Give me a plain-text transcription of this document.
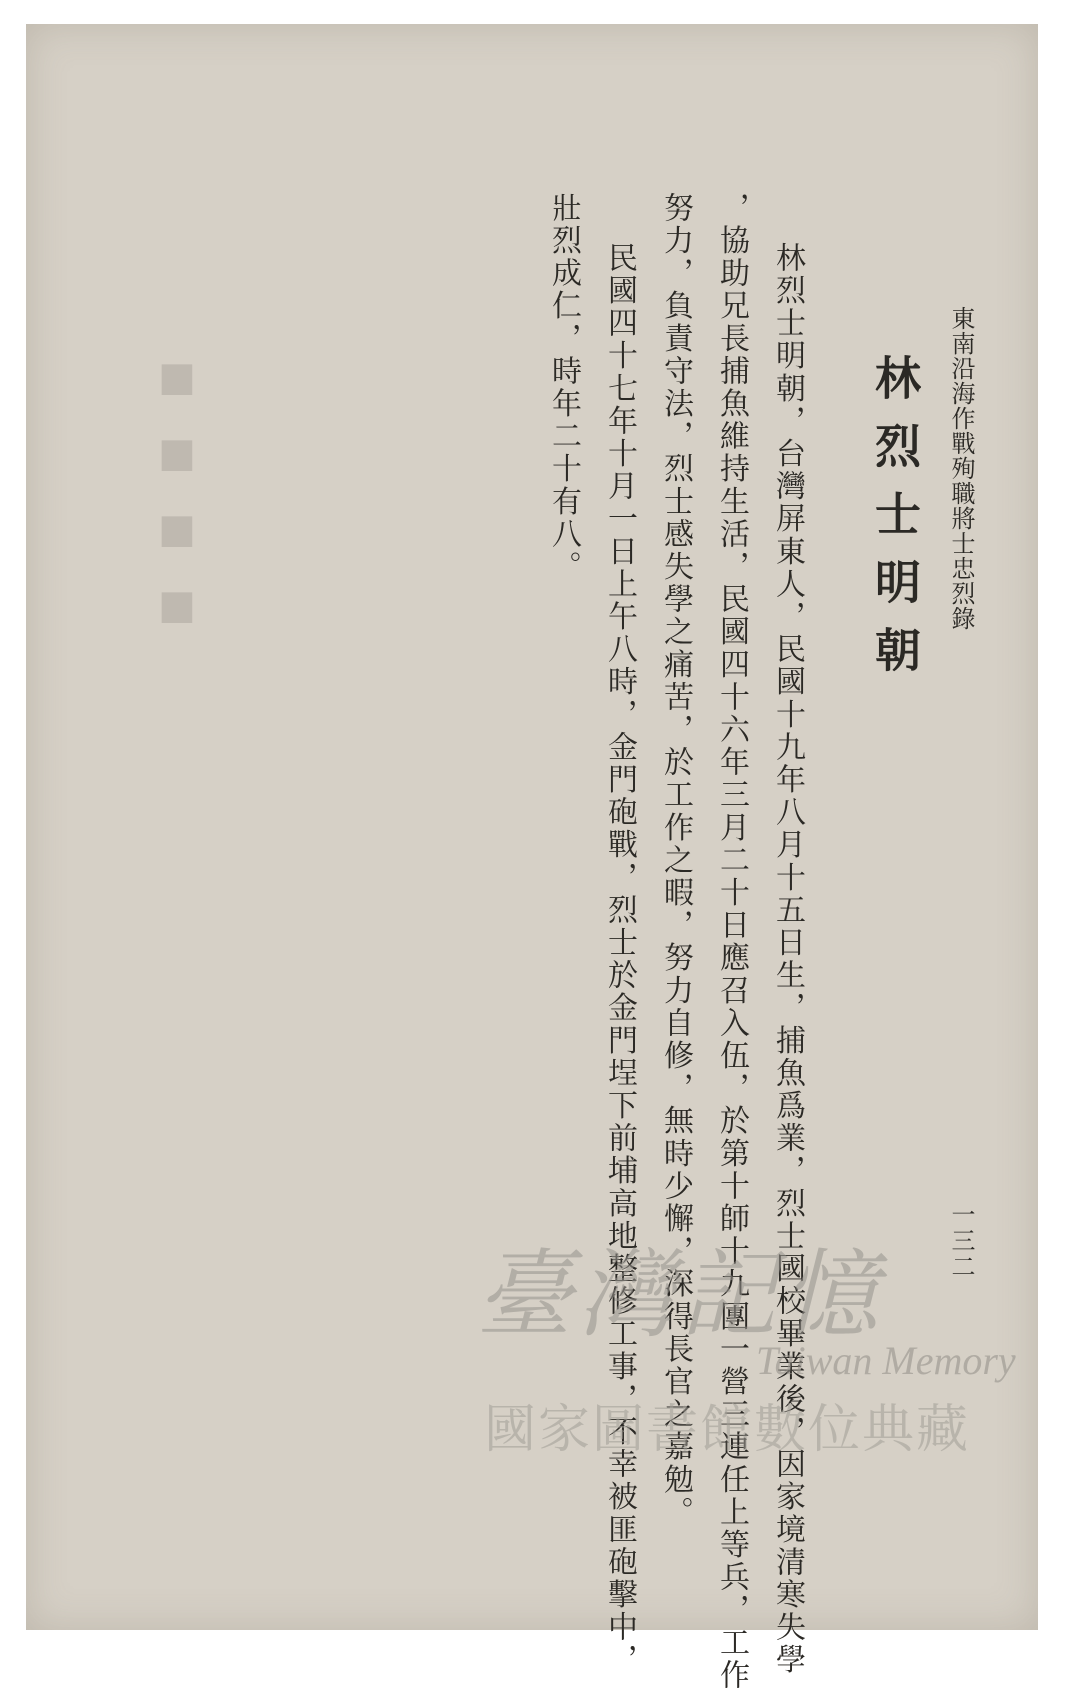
■■■■	東南沿海作戰殉職將士忠烈錄

一三二

林烈士明朝

林烈士明朝，台灣屏東人，民國十九年八月十五日生，捕魚爲業，烈士國校畢業後，因家境清寒失學

，協助兄長捕魚維持生活，民國四十六年三月二十日應召入伍，於第十師十九團一營三連任上等兵，工作

努力，負責守法，烈士感失學之痛苦，於工作之暇，努力自修，無時少懈，深得長官之嘉勉。

民國四十七年十月一日上午八時，金門砲戰，烈士於金門埕下前埔高地整修工事，不幸被匪砲擊中，

壯烈成仁，時年二十有八。

臺灣記憶
Taiwan Memory
國家圖書館數位典藏
